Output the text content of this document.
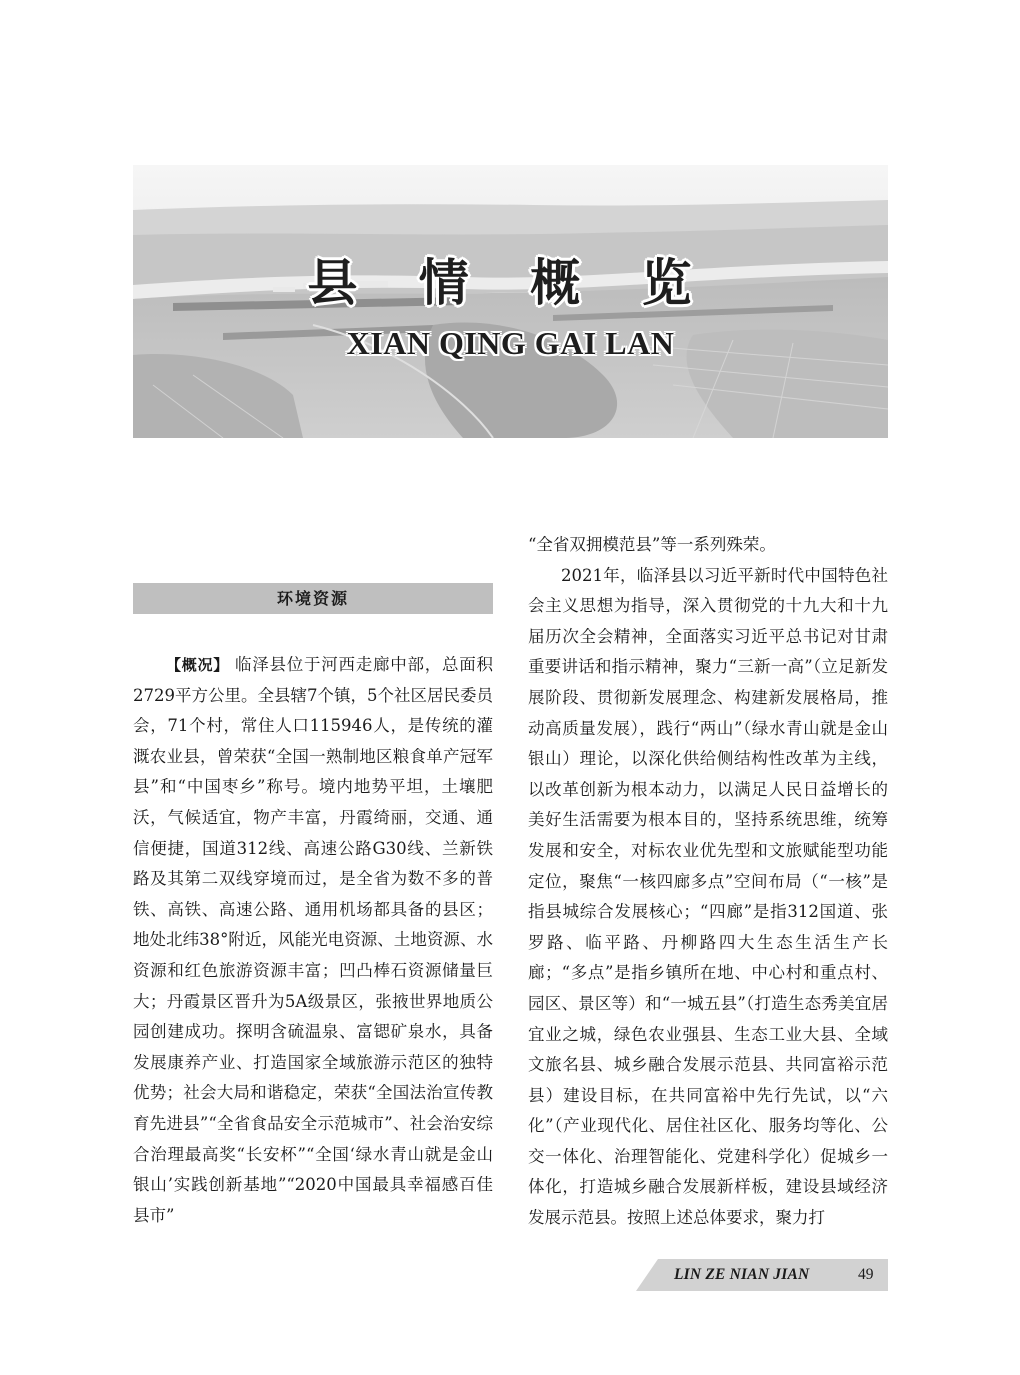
县 情 概 览
XIAN QING GAI LAN
环境资源

【概况】 临泽县位于河西走廊中部，总面积2729平方公里。全县辖7个镇，5个社区居民委员会，71个村，常住人口115946人，是传统的灌溉农业县，曾荣获“全国一熟制地区粮食单产冠军县”和“中国枣乡”称号。境内地势平坦，土壤肥沃，气候适宜，物产丰富，丹霞绮丽，交通、通信便捷，国道312线、高速公路G30线、兰新铁路及其第二双线穿境而过，是全省为数不多的普铁、高铁、高速公路、通用机场都具备的县区；地处北纬38°附近，风能光电资源、土地资源、水资源和红色旅游资源丰富；凹凸棒石资源储量巨大；丹霞景区晋升为5A级景区，张掖世界地质公园创建成功。探明含硫温泉、富锶矿泉水，具备发展康养产业、打造国家全域旅游示范区的独特优势；社会大局和谐稳定，荣获“全国法治宣传教育先进县”“全省食品安全示范城市”、社会治安综合治理最高奖“长安杯”“全国‘绿水青山就是金山银山’实践创新基地”“2020中国最具幸福感百佳县市”

“全省双拥模范县”等一系列殊荣。

2021年，临泽县以习近平新时代中国特色社会主义思想为指导，深入贯彻党的十九大和十九届历次全会精神，全面落实习近平总书记对甘肃重要讲话和指示精神，聚力“三新一高”（立足新发展阶段、贯彻新发展理念、构建新发展格局，推动高质量发展），践行“两山”（绿水青山就是金山银山）理论，以深化供给侧结构性改革为主线，以改革创新为根本动力，以满足人民日益增长的美好生活需要为根本目的，坚持系统思维，统筹发展和安全，对标农业优先型和文旅赋能型功能定位，聚焦“一核四廊多点”空间布局（“一核”是指县城综合发展核心；“四廊”是指312国道、张罗路、临平路、丹柳路四大生态生活生产长廊；“多点”是指乡镇所在地、中心村和重点村、园区、景区等）和“一城五县”（打造生态秀美宜居宜业之城，绿色农业强县、生态工业大县、全域文旅名县、城乡融合发展示范县、共同富裕示范县）建设目标，在共同富裕中先行先试，以“六化”（产业现代化、居住社区化、服务均等化、公交一体化、治理智能化、党建科学化）促城乡一体化，打造城乡融合发展新样板，建设县域经济发展示范县。按照上述总体要求，聚力打

LIN ZE NIAN JIAN	49
